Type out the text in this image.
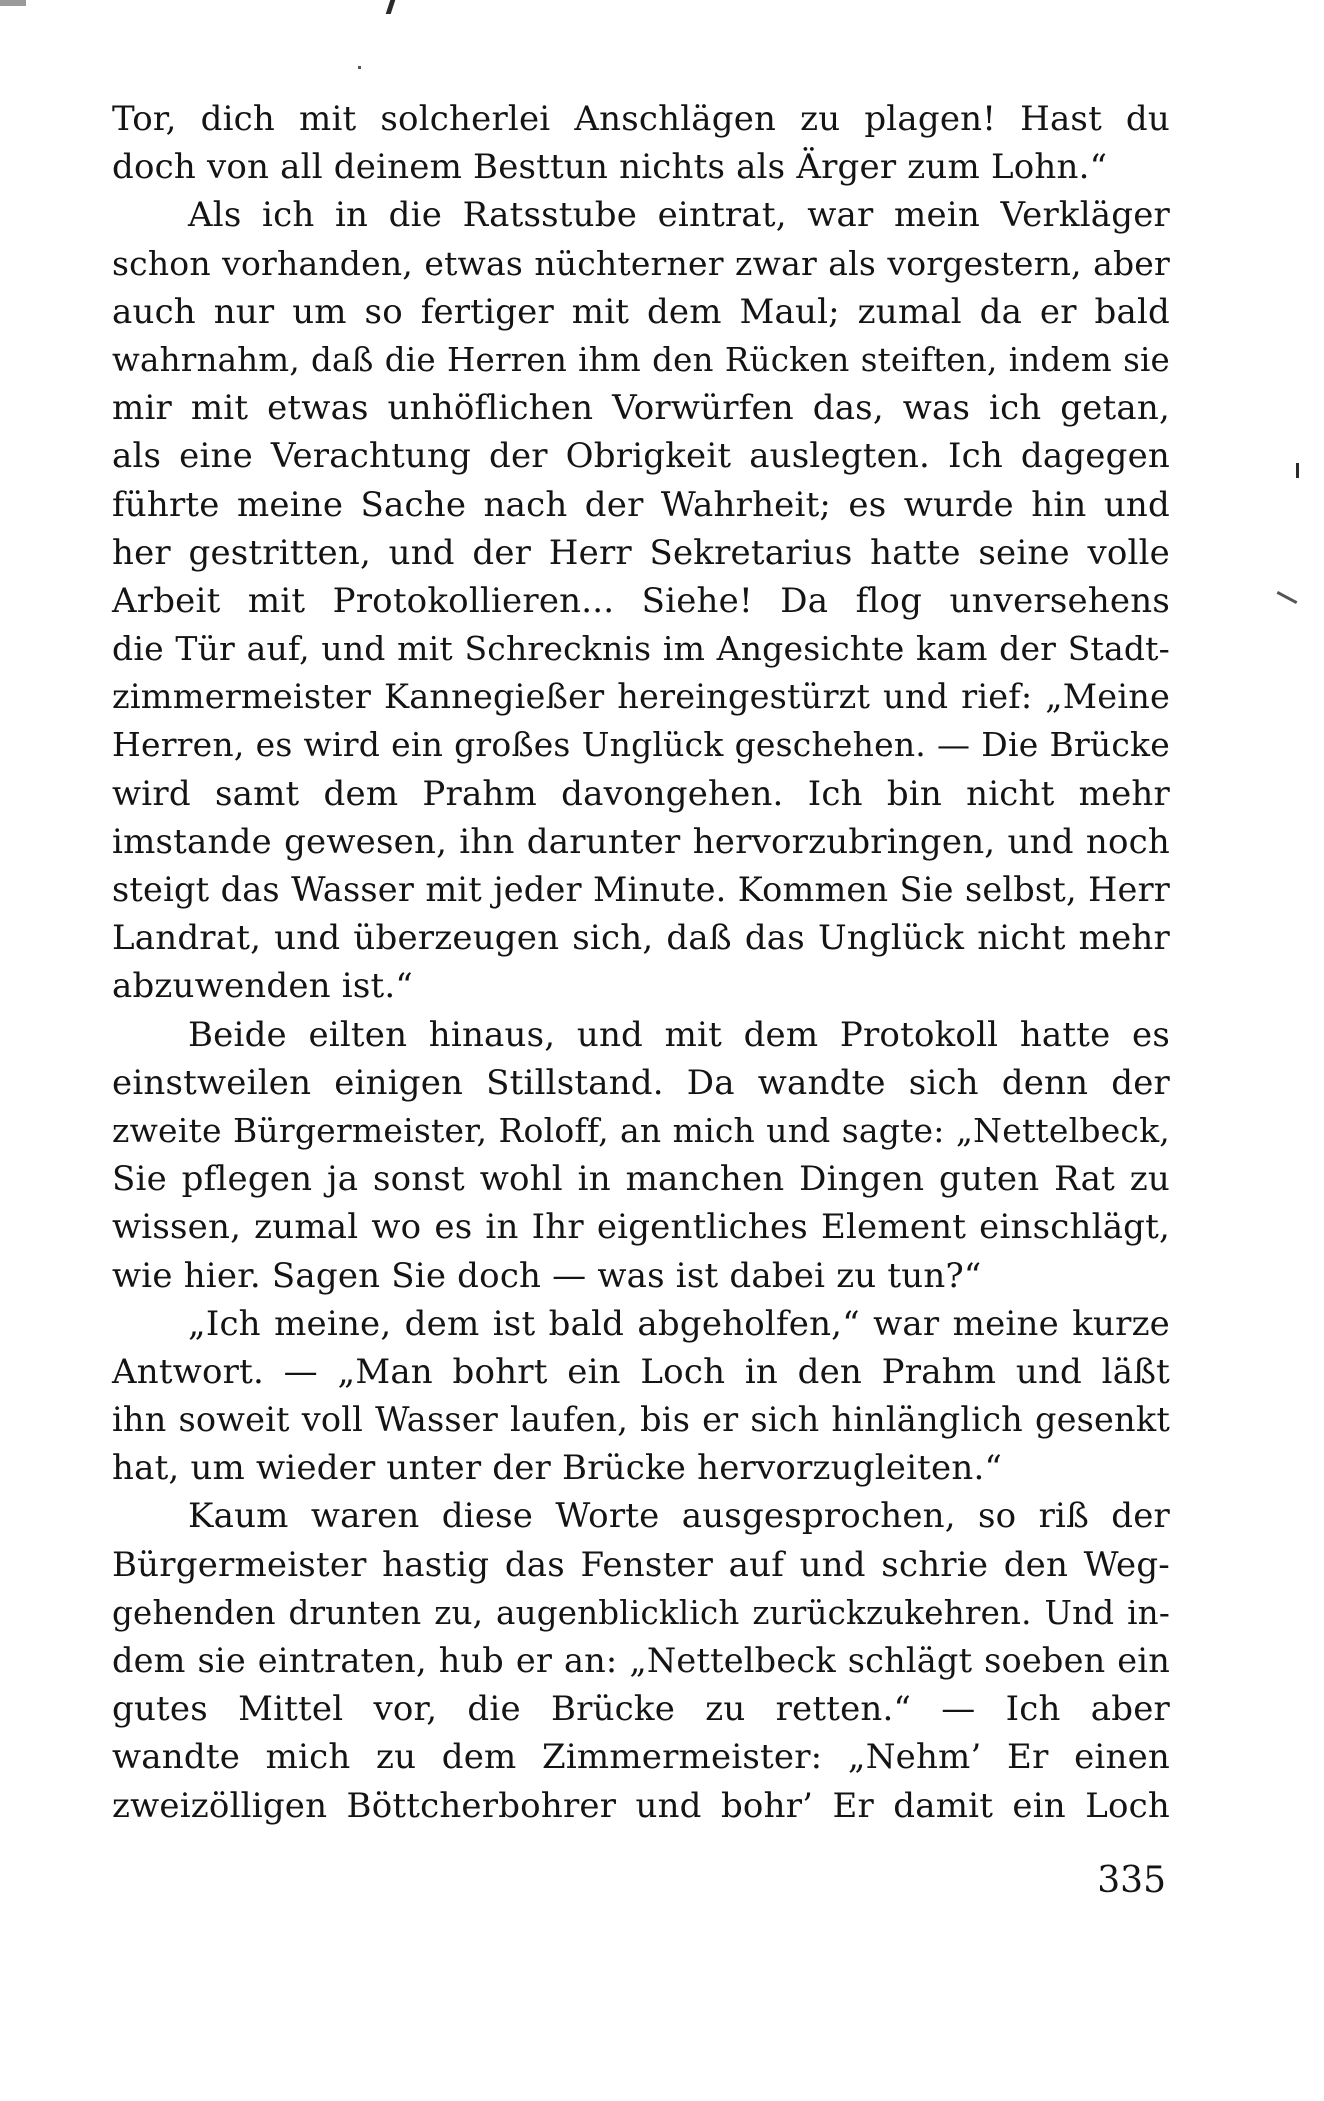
Tor, dich mit solcherlei Anschlägen zu plagen! Hast du
doch von all deinem Besttun nichts als Ärger zum Lohn.“
Als ich in die Ratsstube eintrat, war mein Verkläger
schon vorhanden, etwas nüchterner zwar als vorgestern, aber
auch nur um so fertiger mit dem Maul; zumal da er bald
wahrnahm, daß die Herren ihm den Rücken steiften, indem sie
mir mit etwas unhöflichen Vorwürfen das, was ich getan,
als eine Verachtung der Obrigkeit auslegten. Ich dagegen
führte meine Sache nach der Wahrheit; es wurde hin und
her gestritten, und der Herr Sekretarius hatte seine volle
Arbeit mit Protokollieren... Siehe! Da flog unversehens
die Tür auf, und mit Schrecknis im Angesichte kam der Stadt-
zimmermeister Kannegießer hereingestürzt und rief: „Meine
Herren, es wird ein großes Unglück geschehen. — Die Brücke
wird samt dem Prahm davongehen. Ich bin nicht mehr
imstande gewesen, ihn darunter hervorzubringen, und noch
steigt das Wasser mit jeder Minute. Kommen Sie selbst, Herr
Landrat, und überzeugen sich, daß das Unglück nicht mehr
abzuwenden ist.“
Beide eilten hinaus, und mit dem Protokoll hatte es
einstweilen einigen Stillstand. Da wandte sich denn der
zweite Bürgermeister, Roloff, an mich und sagte: „Nettelbeck,
Sie pflegen ja sonst wohl in manchen Dingen guten Rat zu
wissen, zumal wo es in Ihr eigentliches Element einschlägt,
wie hier. Sagen Sie doch — was ist dabei zu tun?“
„Ich meine, dem ist bald abgeholfen,“ war meine kurze
Antwort. — „Man bohrt ein Loch in den Prahm und läßt
ihn soweit voll Wasser laufen, bis er sich hinlänglich gesenkt
hat, um wieder unter der Brücke hervorzugleiten.“
Kaum waren diese Worte ausgesprochen, so riß der
Bürgermeister hastig das Fenster auf und schrie den Weg-
gehenden drunten zu, augenblicklich zurückzukehren. Und in-
dem sie eintraten, hub er an: „Nettelbeck schlägt soeben ein
gutes Mittel vor, die Brücke zu retten.“ — Ich aber
wandte mich zu dem Zimmermeister: „Nehm’ Er einen
zweizölligen Böttcherbohrer und bohr’ Er damit ein Loch
335
